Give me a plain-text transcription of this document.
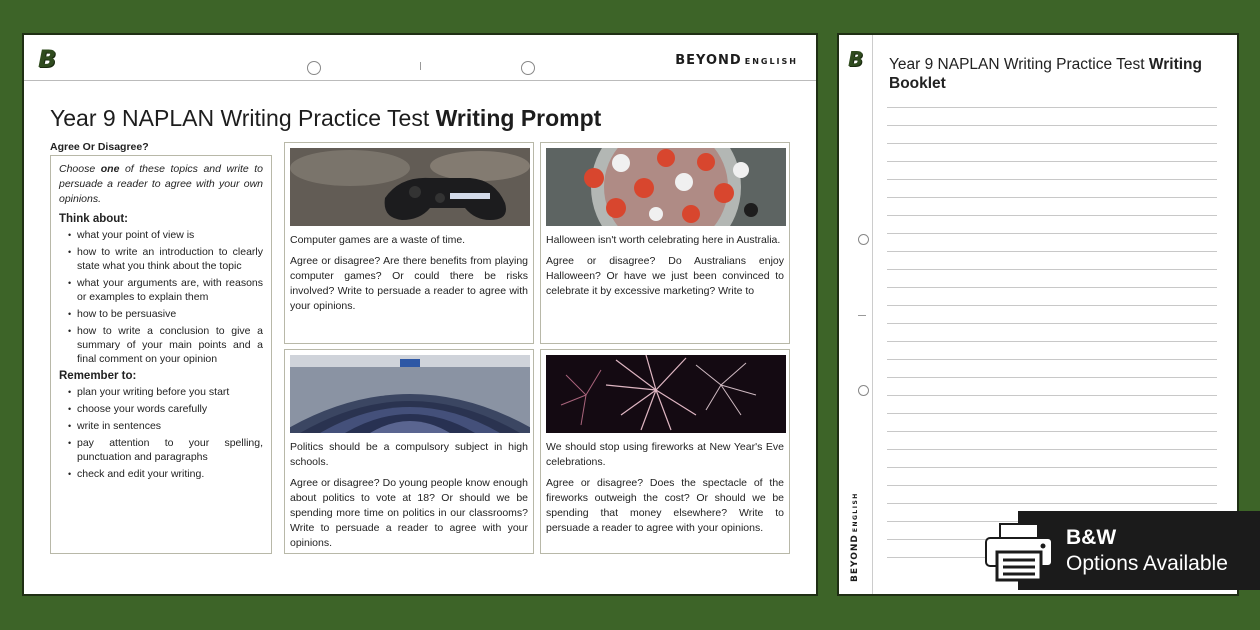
B	BEYOND ENGLISH
Year 9 NAPLAN Writing Practice Test Writing Prompt
Agree Or Disagree?

Choose one of these topics and write to persuade a reader to agree with your own opinions.

Think about:
• what your point of view is
• how to write an introduction to clearly state what you think about the topic
• what your arguments are, with reasons or examples to explain them
• how to be persuasive
• how to write a conclusion to give a summary of your main points and a final comment on your opinion
Remember to:
• plan your writing before you start
• choose your words carefully
• write in sentences
• pay attention to your spelling, punctuation and paragraphs
• check and edit your writing.

Computer games are a waste of time.

Agree or disagree? Are there benefits from playing computer games? Or could there be risks involved? Write to persuade a reader to agree with your opinions.

Halloween isn't worth celebrating here in Australia.

Agree or disagree? Do Australians enjoy Halloween? Or have we just been convinced to celebrate it by excessive marketing? Write to

Politics should be a compulsory subject in high schools.

Agree or disagree? Do young people know enough about politics to vote at 18? Or should we be spending more time on politics in our classrooms? Write to persuade a reader to agree with your opinions.

We should stop using fireworks at New Year's Eve celebrations.

Agree or disagree? Does the spectacle of the fireworks outweigh the cost? Or should we be spending that money elsewhere? Write to persuade a reader to agree with your opinions.

B
BEYONDENGLISH
Year 9 NAPLAN Writing Practice Test Writing Booklet
B&W
Options Available
